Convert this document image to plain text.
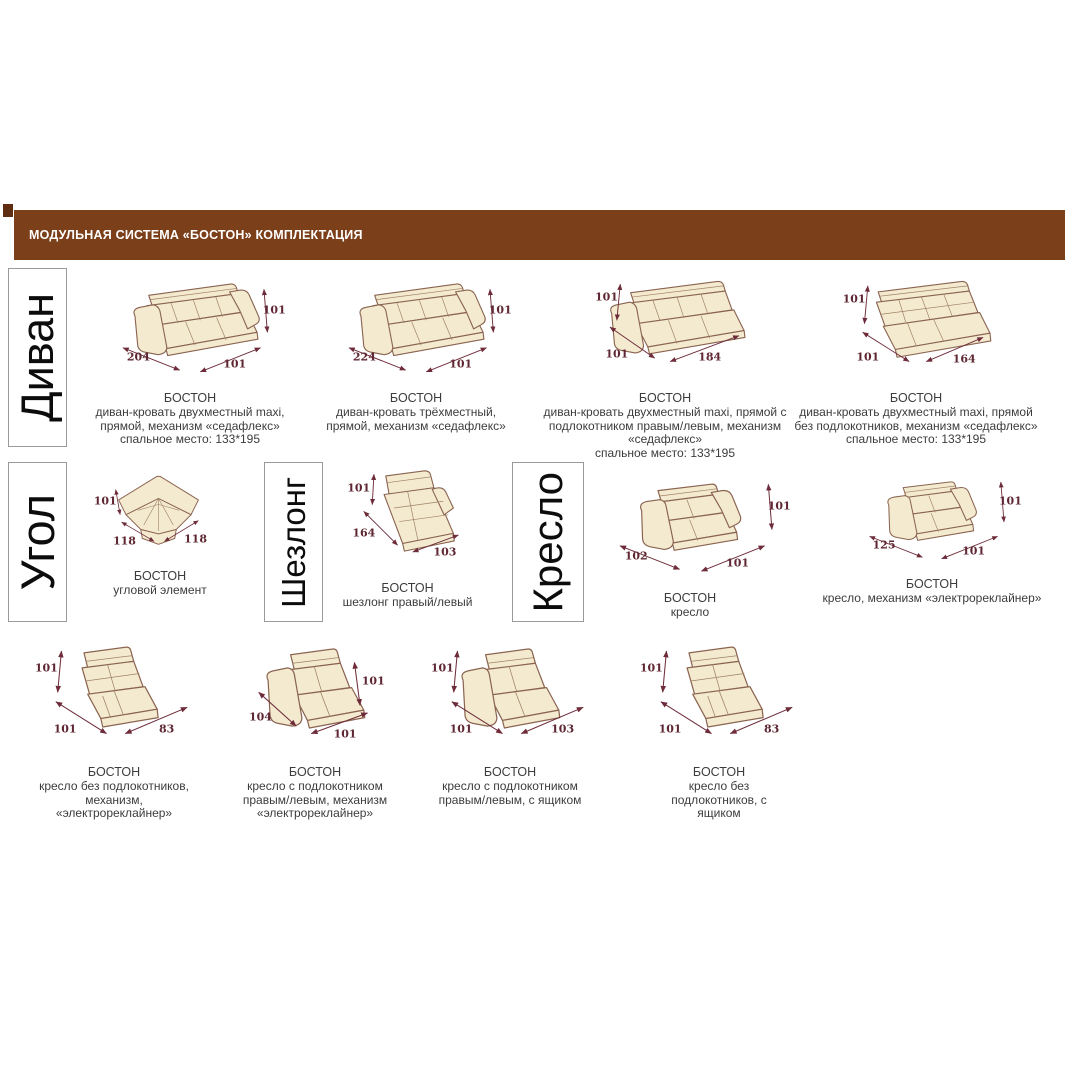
МОДУЛЬНАЯ СИСТЕМА «БОСТОН» КОМПЛЕКТАЦИЯ
Диван
Угол	Шезлонг	Кресло
204
101
101
БОСТОН
диван-кровать двухместный maxi,
прямой, механизм «седафлекс»
спальное место: 133*195
224
101
101
БОСТОН
диван-кровать трёхместный,
прямой, механизм «седафлекс»
101
101	184
БОСТОН
диван-кровать двухместный maxi, прямой с
подлокотником правым/левым, механизм
«седафлекс»
спальное место: 133*195
101
101	164
БОСТОН
диван-кровать двухместный maxi, прямой
без подлокотников, механизм «седафлекс»
спальное место: 133*195
101
118	118
БОСТОН
угловой элемент
101
164
103
БОСТОН
шезлонг правый/левый
102
101
101
БОСТОН
кресло
125	101
101
БОСТОН
кресло, механизм «электрореклайнер»
101
101	83
БОСТОН
кресло без подлокотников,
механизм,
«электрореклайнер»
104
101
101
БОСТОН
кресло с подлокотником
правым/левым, механизм
«электрореклайнер»
101
101	103
БОСТОН
кресло с подлокотником
правым/левым, с ящиком
101
101	83
БОСТОН
кресло без
подлокотников, с
ящиком
